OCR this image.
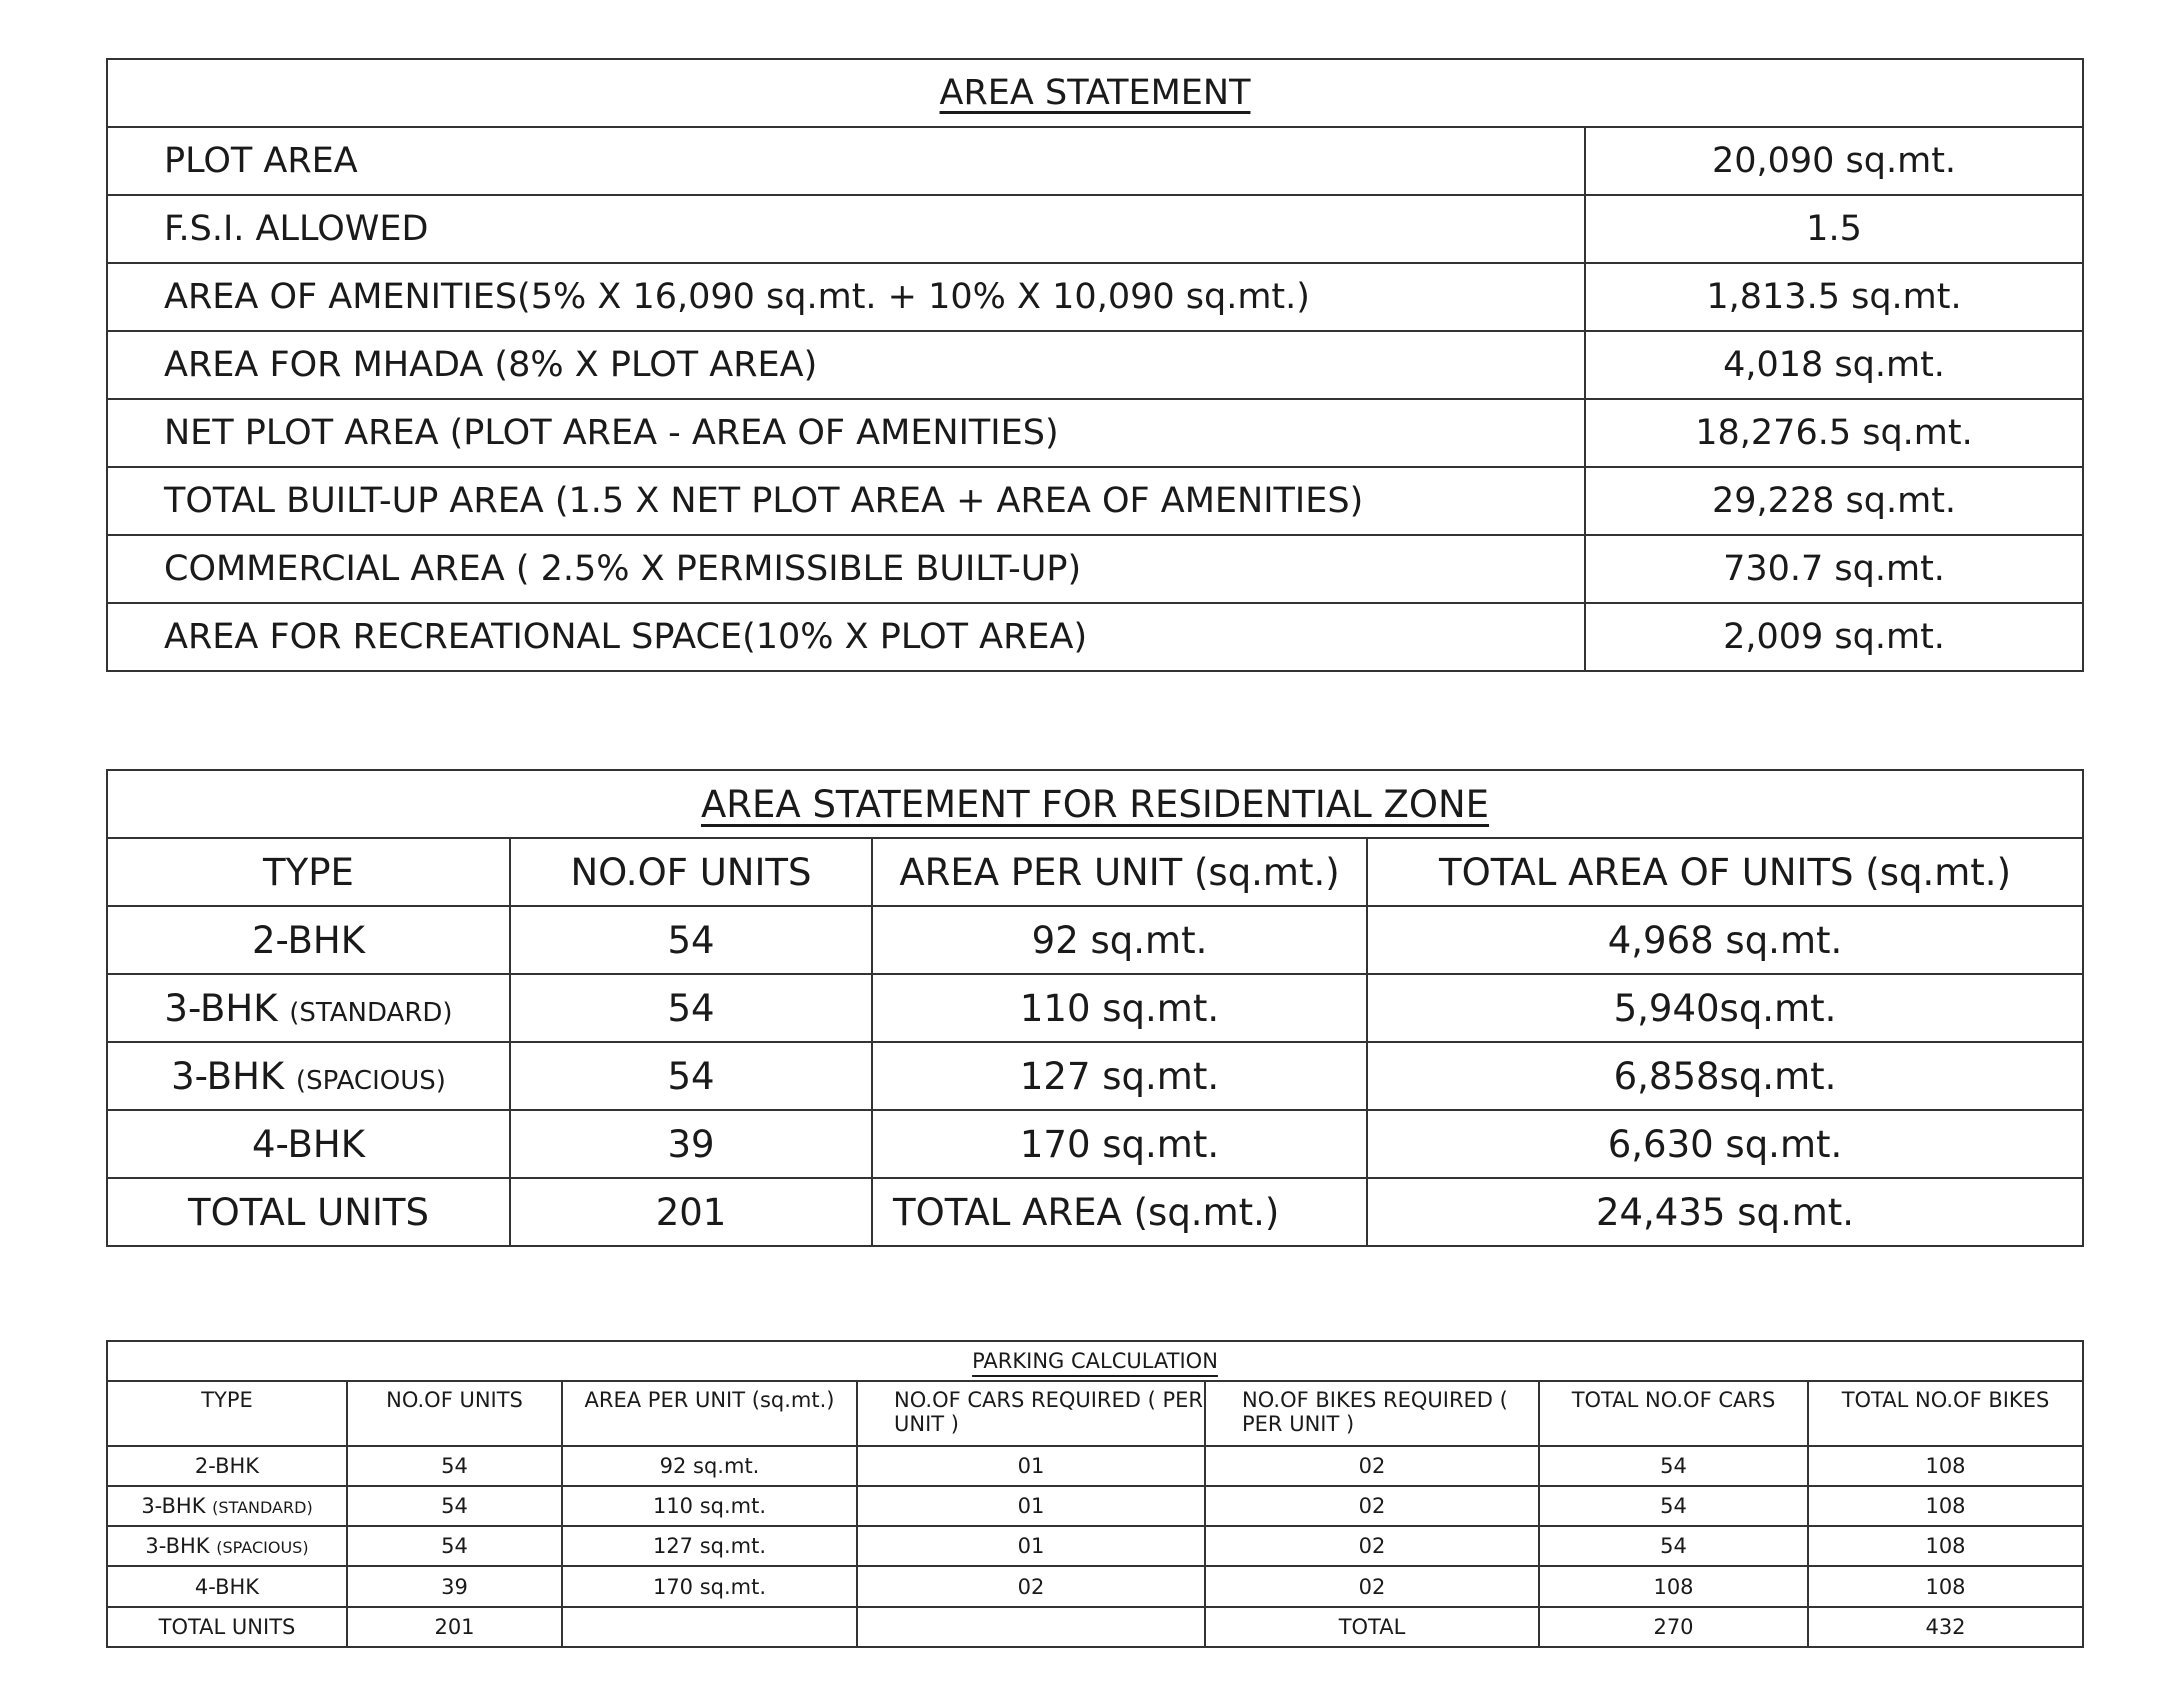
AREA STATEMENT	
PLOT AREA	20,090 sq.mt.
F.S.I. ALLOWED	1.5
AREA OF AMENITIES(5% X 16,090 sq.mt. + 10% X 10,090 sq.mt.)	1,813.5 sq.mt.
AREA FOR MHADA (8% X PLOT AREA)	4,018 sq.mt.
NET PLOT AREA (PLOT AREA - AREA OF AMENITIES)	18,276.5 sq.mt.
TOTAL BUILT-UP AREA (1.5 X NET PLOT AREA + AREA OF AMENITIES)	29,228 sq.mt.
COMMERCIAL AREA ( 2.5% X PERMISSIBLE BUILT-UP)	730.7 sq.mt.
AREA FOR RECREATIONAL SPACE(10% X PLOT AREA)	2,009 sq.mt.
AREA STATEMENT FOR RESIDENTIAL ZONE			
TYPE	NO.OF UNITS	AREA PER UNIT (sq.mt.)	TOTAL AREA OF UNITS (sq.mt.)
2-BHK	54	92 sq.mt.	4,968 sq.mt.
3-BHK (STANDARD)	54	110 sq.mt.	5,940sq.mt.
3-BHK (SPACIOUS)	54	127 sq.mt.	6,858sq.mt.
4-BHK	39	170 sq.mt.	6,630 sq.mt.
TOTAL UNITS	201	TOTAL AREA (sq.mt.)	24,435 sq.mt.
PARKING CALCULATION						
TYPE	NO.OF UNITS	AREA PER UNIT (sq.mt.)	NO.OF CARS REQUIRED ( PER UNIT )	NO.OF BIKES REQUIRED ( PER UNIT )	TOTAL NO.OF CARS	TOTAL NO.OF BIKES
2-BHK	54	92 sq.mt.	01	02	54	108
3-BHK (STANDARD)	54	110 sq.mt.	01	02	54	108
3-BHK (SPACIOUS)	54	127 sq.mt.	01	02	54	108
4-BHK	39	170 sq.mt.	02	02	108	108
TOTAL UNITS	201			TOTAL	270	432
